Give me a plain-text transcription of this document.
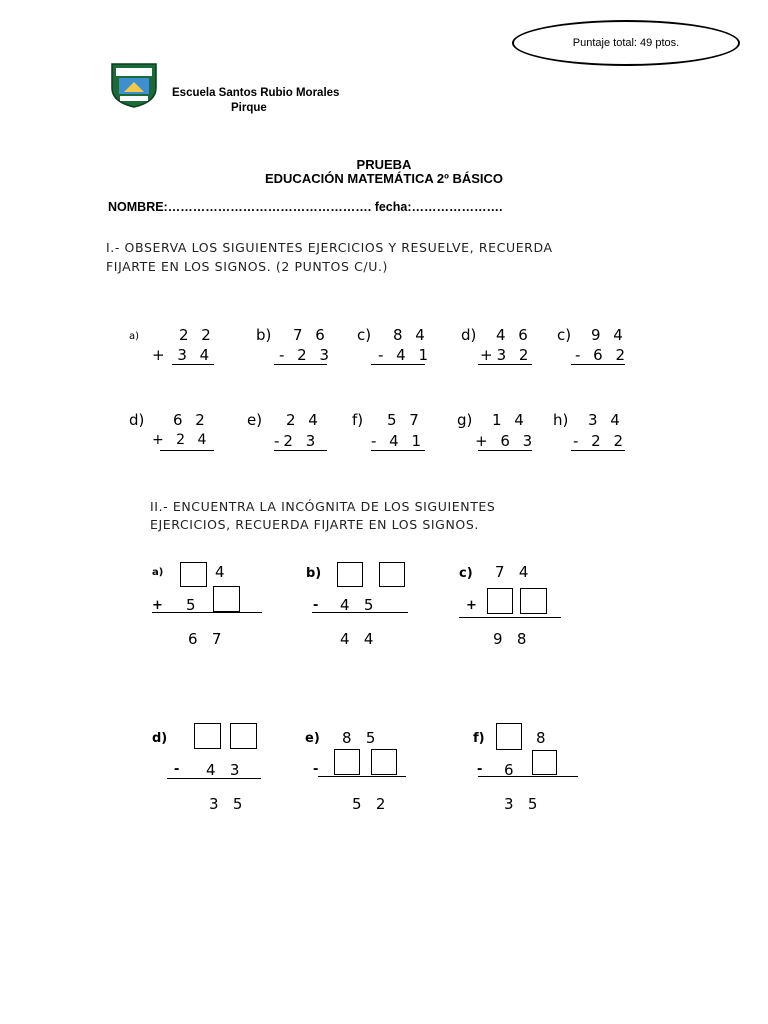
Puntaje total: 49 ptos.
Escuela Santos Rubio Morales
Pirque
PRUEBA
EDUCACIÓN MATEMÁTICA 2º BÁSICO
NOMBRE:…………………………………………. fecha:………………….
I.- OBSERVA LOS SIGUIENTES EJERCICIOS Y RESUELVE, RECUERDA
FIJARTE EN LOS SIGNOS. (2 PUNTOS C/U.)
a)	2 2
+ 3 4
b) 7 6
- 2 3
c) 8 4
- 4 1
d) 4 6
+3 2
c) 9 4
- 6 2
d) 6 2
+ 2 4
e) 2 4
-2 3
f) 5 7
- 4 1
g) 1 4
+ 6 3
h) 3 4
- 2 2
II.- ENCUENTRA LA INCÓGNITA DE LOS SIGUIENTES
EJERCICIOS, RECUERDA FIJARTE EN LOS SIGNOS.
a)	4
+ 5
6   7
b)
- 4   5
4   4
c) 7   4
+
9   8
d)
- 4   3
3   5
e) 8   5
-
5   2
f)	8
- 6
3   5
